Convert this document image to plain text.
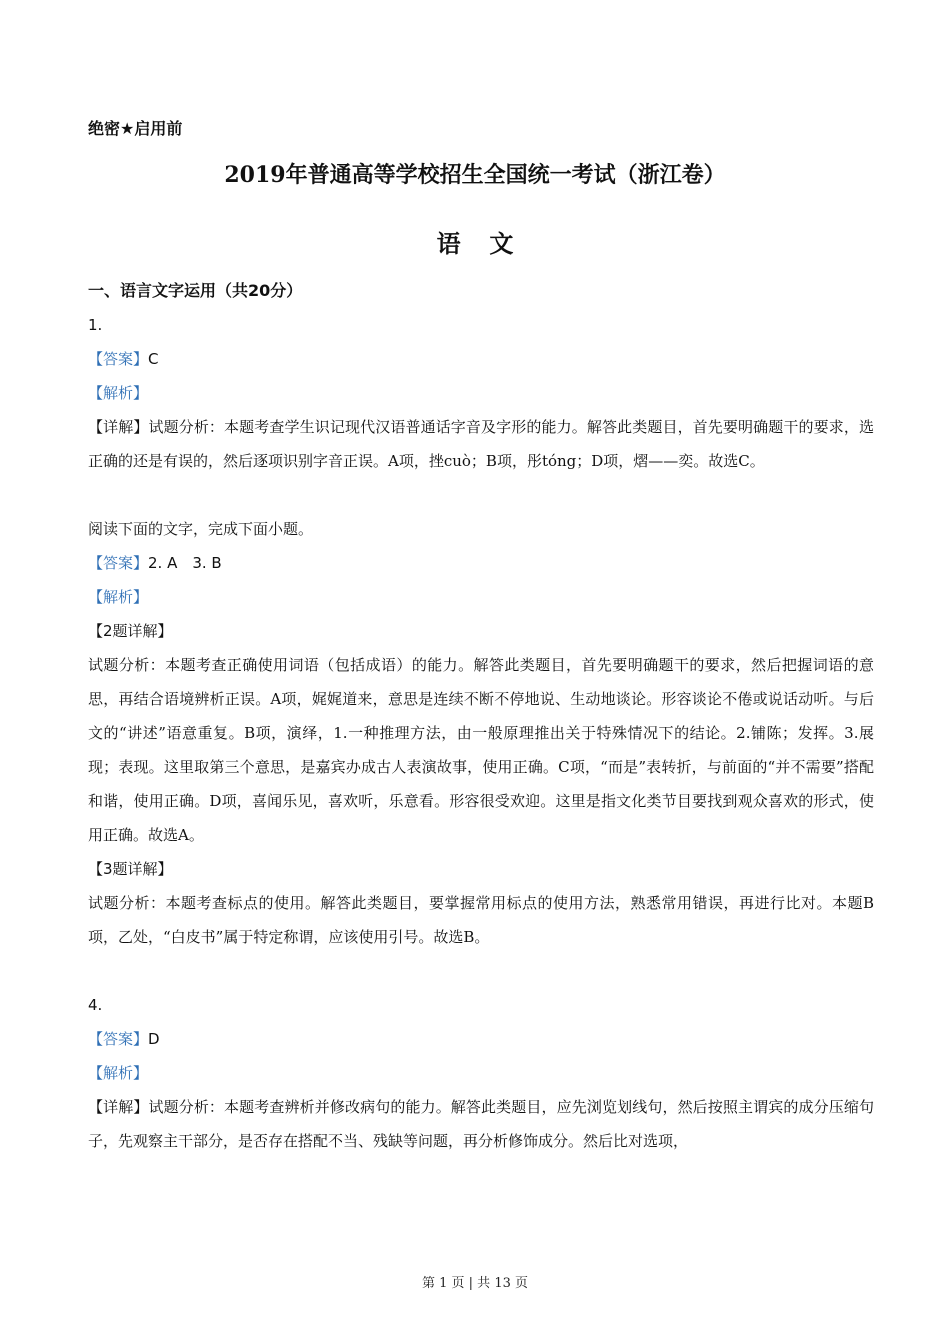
绝密★启用前
2019年普通高等学校招生全国统一考试（浙江卷）
语文
一、语言文字运用（共20分）
1.
【答案】C
【解析】
【详解】试题分析：本题考查学生识记现代汉语普通话字音及字形的能力。解答此类题目，首先要明确题干的要求，选正确的还是有误的，然后逐项识别字音正误。A项，挫cuò；B项，彤tóng；D项，熠——奕。故选C。
阅读下面的文字，完成下面小题。
【答案】2. A　3. B
【解析】
【2题详解】
试题分析：本题考查正确使用词语（包括成语）的能力。解答此类题目，首先要明确题干的要求，然后把握词语的意思，再结合语境辨析正误。A项，娓娓道来，意思是连续不断不停地说、生动地谈论。形容谈论不倦或说话动听。与后文的“讲述”语意重复。B项，演绎，1.一种推理方法，由一般原理推出关于特殊情况下的结论。2.铺陈；发挥。3.展现；表现。这里取第三个意思，是嘉宾办成古人表演故事，使用正确。C项，“而是”表转折，与前面的“并不需要”搭配和谐，使用正确。D项，喜闻乐见，喜欢听，乐意看。形容很受欢迎。这里是指文化类节目要找到观众喜欢的形式，使用正确。故选A。
【3题详解】
试题分析：本题考查标点的使用。解答此类题目，要掌握常用标点的使用方法，熟悉常用错误，再进行比对。本题B项，乙处，“白皮书”属于特定称谓，应该使用引号。故选B。
4.
【答案】D
【解析】
【详解】试题分析：本题考查辨析并修改病句的能力。解答此类题目，应先浏览划线句，然后按照主谓宾的成分压缩句子，先观察主干部分，是否存在搭配不当、残缺等问题，再分析修饰成分。然后比对选项，
第 1 页 | 共 13 页
